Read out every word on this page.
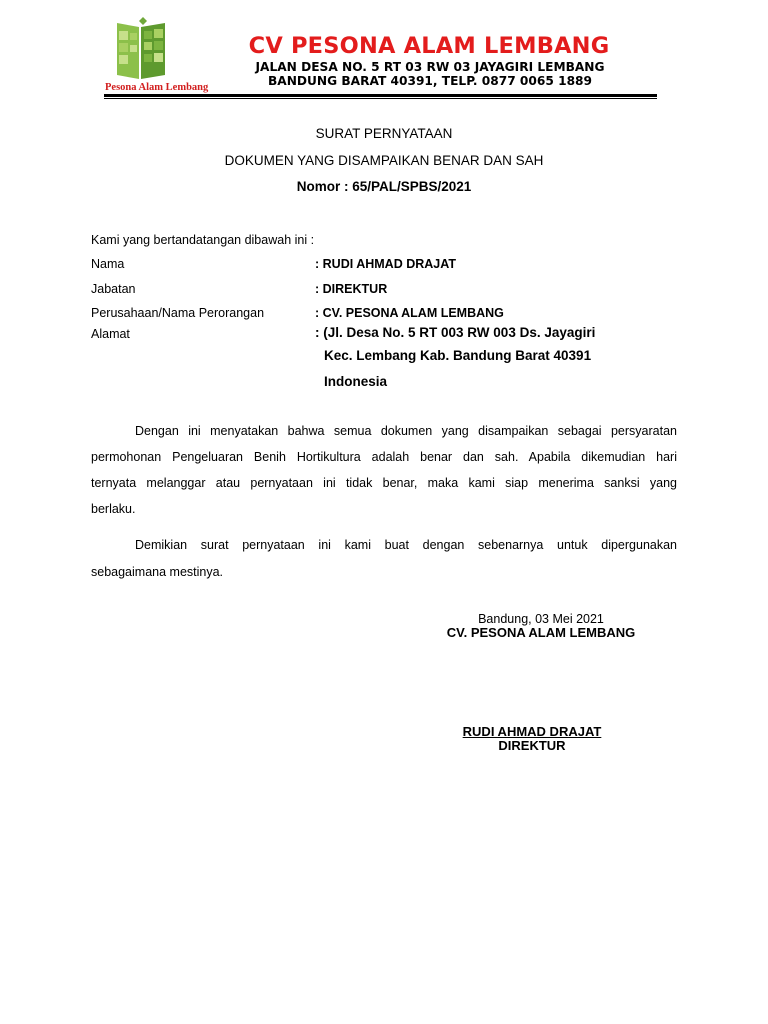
Pesona Alam Lembang
CV PESONA ALAM LEMBANG
JALAN DESA NO. 5 RT 03 RW 03 JAYAGIRI LEMBANG
BANDUNG BARAT 40391, TELP. 0877 0065 1889
SURAT PERNYATAAN
DOKUMEN YANG DISAMPAIKAN BENAR DAN SAH
Nomor : 65/PAL/SPBS/2021
Kami yang bertandatangan dibawah ini :
Nama	: RUDI AHMAD DRAJAT
Jabatan	: DIREKTUR
Perusahaan/Nama Perorangan	: CV. PESONA ALAM LEMBANG
Alamat	: (Jl. Desa No. 5 RT 003 RW 003 Ds. Jayagiri
Kec. Lembang Kab. Bandung Barat 40391
Indonesia
Dengan ini menyatakan bahwa semua dokumen yang disampaikan sebagai persyaratan
permohonan Pengeluaran Benih Hortikultura adalah benar dan sah. Apabila dikemudian hari
ternyata melanggar atau pernyataan ini tidak benar, maka kami siap menerima sanksi yang
berlaku.
Demikian surat pernyataan ini kami buat dengan sebenarnya untuk dipergunakan
sebagaimana mestinya.
Bandung, 03 Mei 2021
CV. PESONA ALAM LEMBANG
RUDI AHMAD DRAJAT
DIREKTUR
